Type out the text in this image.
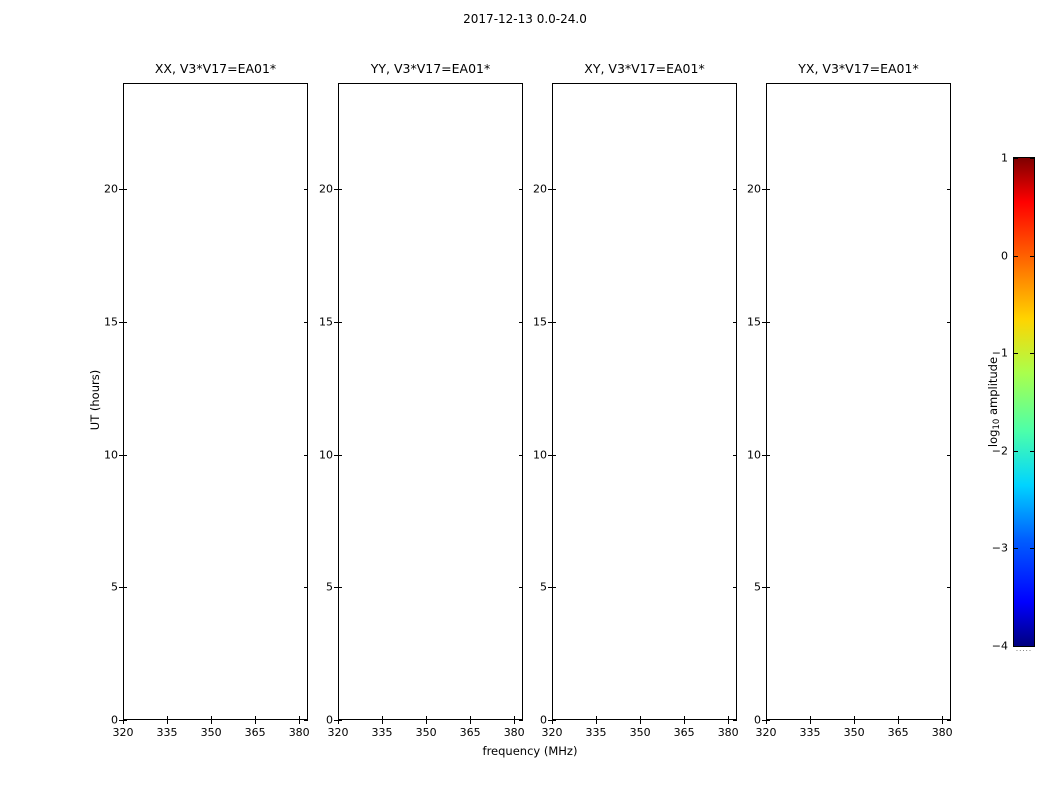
2017-12-13 0.0-24.0
XX, V3*V17=EA01*
0
5
10
15
20
320 335 350 365 380
YY, V3*V17=EA01*
0
5
10
15
20
320 335 350 365 380
XY, V3*V17=EA01*
0
5
10
15
20
320 335 350 365 380
YX, V3*V17=EA01*
0
5
10
15
20
320 335 350 365 380
UT (hours)
frequency (MHz)
−4
−3
−2
−1
0
1
·····
$\log_{10}$ amplitude
